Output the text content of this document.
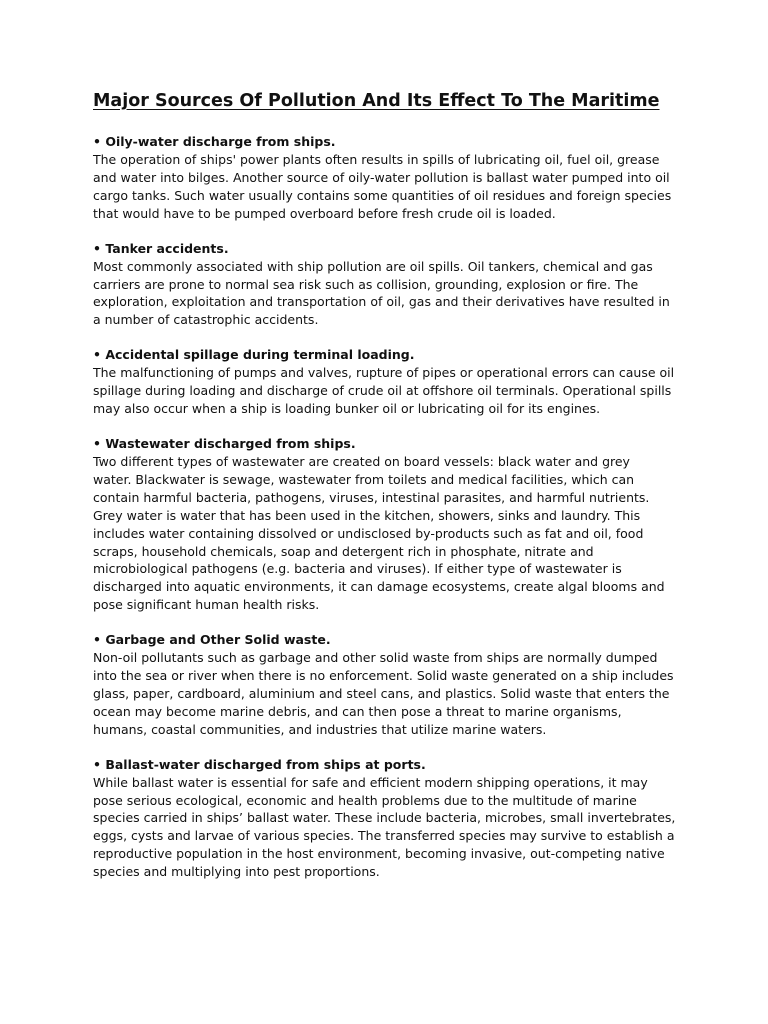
Major Sources Of Pollution And Its Effect To The Maritime

• Oily-water discharge from ships.

The operation of ships' power plants often results in spills of lubricating oil, fuel oil, grease
and water into bilges. Another source of oily-water pollution is ballast water pumped into oil
cargo tanks. Such water usually contains some quantities of oil residues and foreign species
that would have to be pumped overboard before fresh crude oil is loaded.

• Tanker accidents.

Most commonly associated with ship pollution are oil spills. Oil tankers, chemical and gas
carriers are prone to normal sea risk such as collision, grounding, explosion or fire. The
exploration, exploitation and transportation of oil, gas and their derivatives have resulted in
a number of catastrophic accidents.

• Accidental spillage during terminal loading.

The malfunctioning of pumps and valves, rupture of pipes or operational errors can cause oil
spillage during loading and discharge of crude oil at offshore oil terminals. Operational spills
may also occur when a ship is loading bunker oil or lubricating oil for its engines.

• Wastewater discharged from ships.

Two different types of wastewater are created on board vessels: black water and grey
water. Blackwater is sewage, wastewater from toilets and medical facilities, which can
contain harmful bacteria, pathogens, viruses, intestinal parasites, and harmful nutrients.
Grey water is water that has been used in the kitchen, showers, sinks and laundry. This
includes water containing dissolved or undisclosed by-products such as fat and oil, food
scraps, household chemicals, soap and detergent rich in phosphate, nitrate and
microbiological pathogens (e.g. bacteria and viruses). If either type of wastewater is
discharged into aquatic environments, it can damage ecosystems, create algal blooms and
pose significant human health risks.

• Garbage and Other Solid waste.

Non-oil pollutants such as garbage and other solid waste from ships are normally dumped
into the sea or river when there is no enforcement. Solid waste generated on a ship includes
glass, paper, cardboard, aluminium and steel cans, and plastics. Solid waste that enters the
ocean may become marine debris, and can then pose a threat to marine organisms,
humans, coastal communities, and industries that utilize marine waters.

• Ballast-water discharged from ships at ports.

While ballast water is essential for safe and efficient modern shipping operations, it may
pose serious ecological, economic and health problems due to the multitude of marine
species carried in ships’ ballast water. These include bacteria, microbes, small invertebrates,
eggs, cysts and larvae of various species. The transferred species may survive to establish a
reproductive population in the host environment, becoming invasive, out-competing native
species and multiplying into pest proportions.
